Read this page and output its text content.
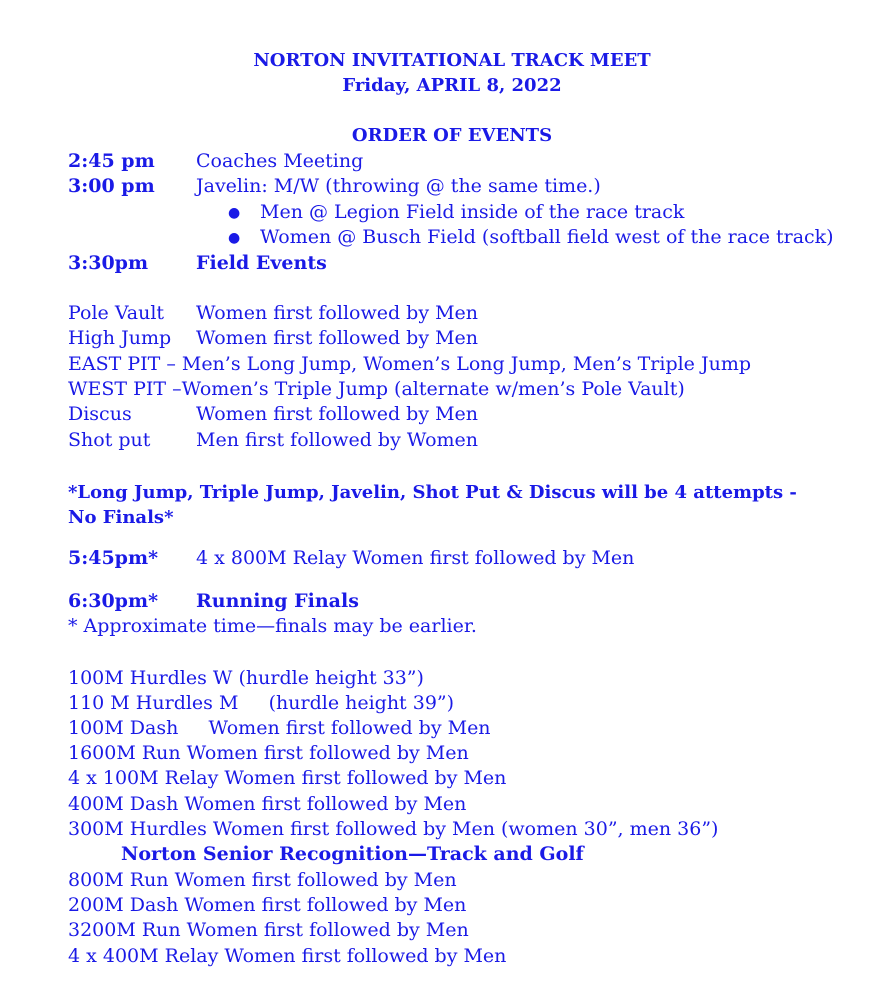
NORTON INVITATIONAL TRACK MEET
Friday, APRIL 8, 2022
ORDER OF EVENTS
2:45 pm Coaches Meeting
3:00 pm Javelin: M/W (throwing @ the same time.)
● Men @ Legion Field inside of the race track
● Women @ Busch Field (softball field west of the race track)
3:30pm	Field Events
Pole Vault Women first followed by Men
High Jump Women first followed by Men
EAST PIT – Men’s Long Jump, Women’s Long Jump, Men’s Triple Jump
WEST PIT –Women’s Triple Jump (alternate w/men’s Pole Vault)
Discus	Women first followed by Men
Shot put Men first followed by Women
*Long Jump, Triple Jump, Javelin, Shot Put & Discus will be 4 attempts -
No Finals*
5:45pm* 4 x 800M Relay Women first followed by Men
6:30pm* Running Finals
* Approximate time—finals may be earlier.
100M Hurdles W (hurdle height 33”)
110 M Hurdles M     (hurdle height 39”)
100M Dash     Women first followed by Men
1600M Run Women first followed by Men
4 x 100M Relay Women first followed by Men
400M Dash Women first followed by Men
300M Hurdles Women first followed by Men (women 30”, men 36”)
Norton Senior Recognition—Track and Golf
800M Run Women first followed by Men
200M Dash Women first followed by Men
3200M Run Women first followed by Men
4 x 400M Relay Women first followed by Men
